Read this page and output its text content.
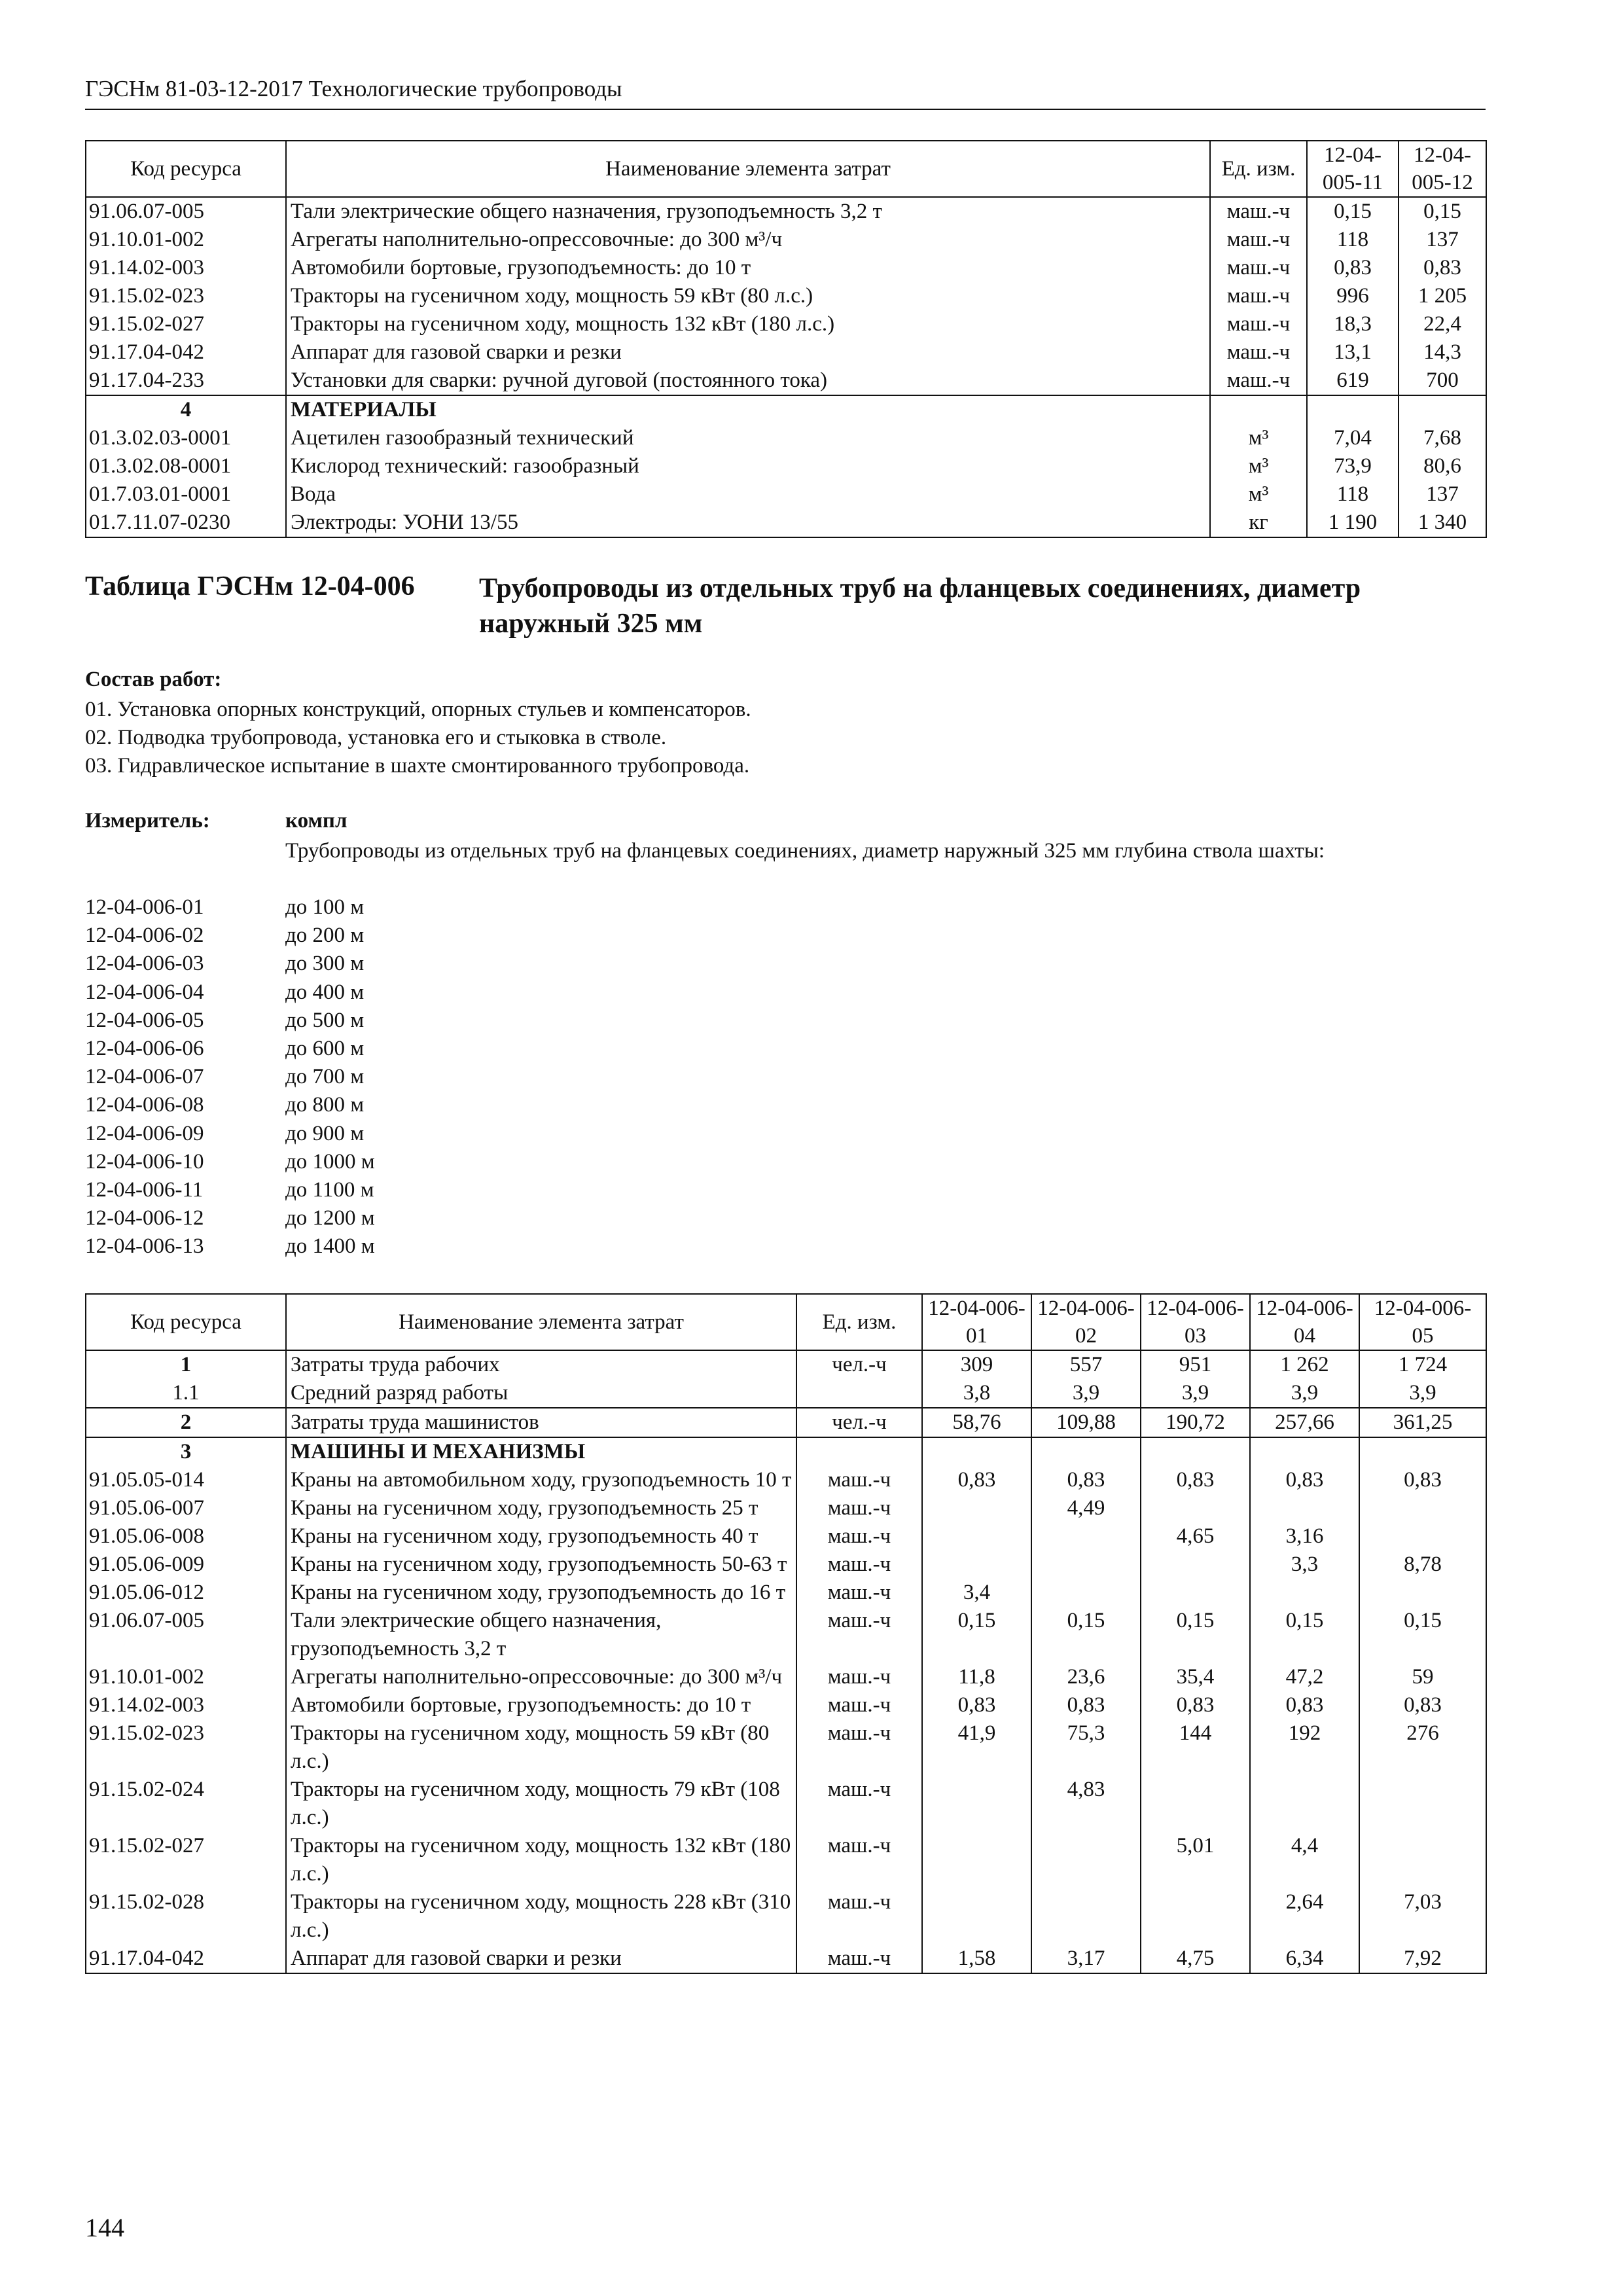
ГЭСНм 81-03-12-2017 Технологические трубопроводы
Код ресурса	Наименование элемента затрат	Ед. изм.	12-04-005-11	12-04-005-12
91.06.07-005	Тали электрические общего назначения, грузоподъемность 3,2 т	маш.-ч	0,15	0,15
91.10.01-002	Агрегаты наполнительно-опрессовочные: до 300 м³/ч	маш.-ч	118	137
91.14.02-003	Автомобили бортовые, грузоподъемность: до 10 т	маш.-ч	0,83	0,83
91.15.02-023	Тракторы на гусеничном ходу, мощность 59 кВт (80 л.с.)	маш.-ч	996	1 205
91.15.02-027	Тракторы на гусеничном ходу, мощность 132 кВт (180 л.с.)	маш.-ч	18,3	22,4
91.17.04-042	Аппарат для газовой сварки и резки	маш.-ч	13,1	14,3
91.17.04-233	Установки для сварки: ручной дуговой (постоянного тока)	маш.-ч	619	700
4	МАТЕРИАЛЫ			
01.3.02.03-0001	Ацетилен газообразный технический	м³	7,04	7,68
01.3.02.08-0001	Кислород технический: газообразный	м³	73,9	80,6
01.7.03.01-0001	Вода	м³	118	137
01.7.11.07-0230	Электроды: УОНИ 13/55	кг	1 190	1 340
Таблица ГЭСНм 12-04-006 Трубопроводы из отдельных труб на фланцевых соединениях, диаметр наружный 325 мм
Состав работ:
01. Установка опорных конструкций, опорных стульев и компенсаторов.
02. Подводка трубопровода, установка его и стыковка в стволе.
03. Гидравлическое испытание в шахте смонтированного трубопровода.
Измеритель:	компл
Трубопроводы из отдельных труб на фланцевых соединениях, диаметр наружный 325 мм глубина ствола шахты:
12-04-006-01	до 100 м
12-04-006-02	до 200 м
12-04-006-03	до 300 м
12-04-006-04	до 400 м
12-04-006-05	до 500 м
12-04-006-06	до 600 м
12-04-006-07	до 700 м
12-04-006-08	до 800 м
12-04-006-09	до 900 м
12-04-006-10	до 1000 м
12-04-006-11	до 1100 м
12-04-006-12	до 1200 м
12-04-006-13	до 1400 м
Код ресурса	Наименование элемента затрат	Ед. изм.	12-04-006-01	12-04-006-02	12-04-006-03	12-04-006-04	12-04-006-05
1	Затраты труда рабочих	чел.-ч	309	557	951	1 262	1 724
1.1	Средний разряд работы		3,8	3,9	3,9	3,9	3,9
2	Затраты труда машинистов	чел.-ч	58,76	109,88	190,72	257,66	361,25
3	МАШИНЫ И МЕХАНИЗМЫ						
91.05.05-014	Краны на автомобильном ходу, грузоподъемность 10 т	маш.-ч	0,83	0,83	0,83	0,83	0,83
91.05.06-007	Краны на гусеничном ходу, грузоподъемность 25 т	маш.-ч		4,49			
91.05.06-008	Краны на гусеничном ходу, грузоподъемность 40 т	маш.-ч			4,65	3,16	
91.05.06-009	Краны на гусеничном ходу, грузоподъемность 50-63 т	маш.-ч				3,3	8,78
91.05.06-012	Краны на гусеничном ходу, грузоподъемность до 16 т	маш.-ч	3,4				
91.06.07-005	Тали электрические общего назначения, грузоподъемность 3,2 т	маш.-ч	0,15	0,15	0,15	0,15	0,15
91.10.01-002	Агрегаты наполнительно-опрессовочные: до 300 м³/ч	маш.-ч	11,8	23,6	35,4	47,2	59
91.14.02-003	Автомобили бортовые, грузоподъемность: до 10 т	маш.-ч	0,83	0,83	0,83	0,83	0,83
91.15.02-023	Тракторы на гусеничном ходу, мощность 59 кВт (80 л.с.)	маш.-ч	41,9	75,3	144	192	276
91.15.02-024	Тракторы на гусеничном ходу, мощность 79 кВт (108 л.с.)	маш.-ч		4,83			
91.15.02-027	Тракторы на гусеничном ходу, мощность 132 кВт (180 л.с.)	маш.-ч			5,01	4,4	
91.15.02-028	Тракторы на гусеничном ходу, мощность 228 кВт (310 л.с.)	маш.-ч				2,64	7,03
91.17.04-042	Аппарат для газовой сварки и резки	маш.-ч	1,58	3,17	4,75	6,34	7,92
144
